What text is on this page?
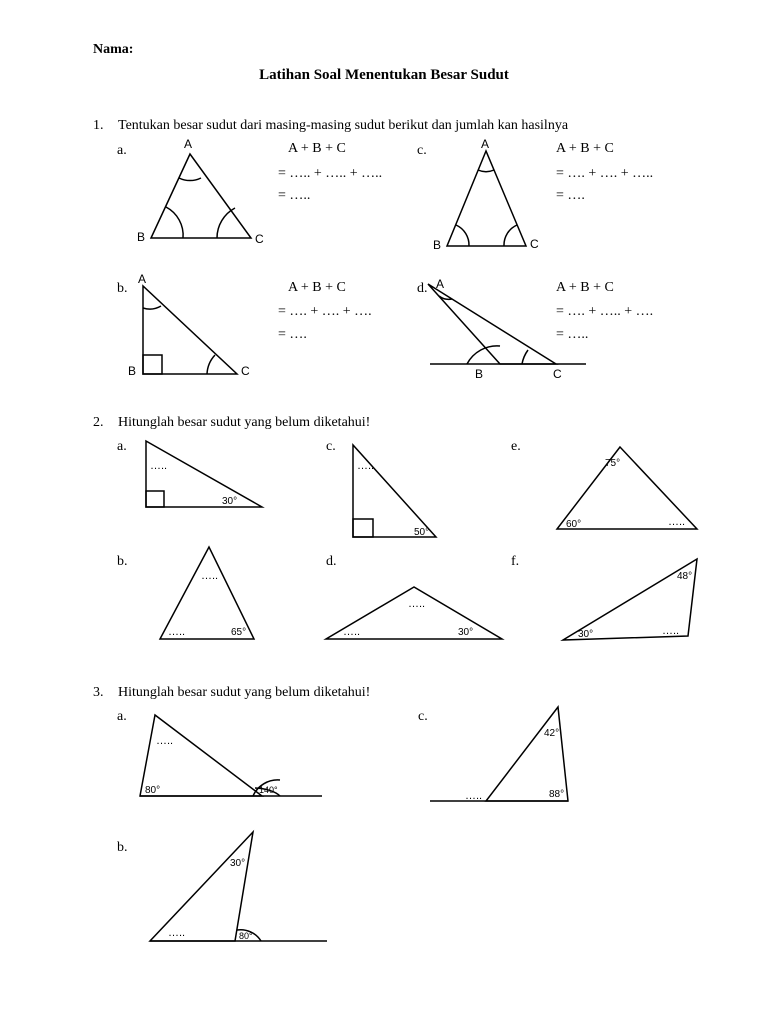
Nama:
Latihan Soal Menentukan Besar Sudut
1. Tentukan besar sudut dari masing-masing sudut berikut dan jumlah kan hasilnya
a.	A + B + C
= ….. + ….. + …..
= …..
c.	A + B + C
= …. + …. + …..
= ….
b.	A + B + C
= …. + …. + ….
= ….
d.	A + B + C
= …. + ….. + ….
= …..
2. Hitunglah besar sudut yang belum diketahui!
a.	c.	e.
b.	d.	f.
3. Hitunglah besar sudut yang belum diketahui!
a.	c.
b.
A
B	C
A
B	C
A
B	C
A
B	C
…..
30°
…..
50°
75°
60°	…..
…..
…..	65°
…..
…..	30°
48°
30°	…..
…..
80°	140°
42°
…..	88°
30°
…..	80°
